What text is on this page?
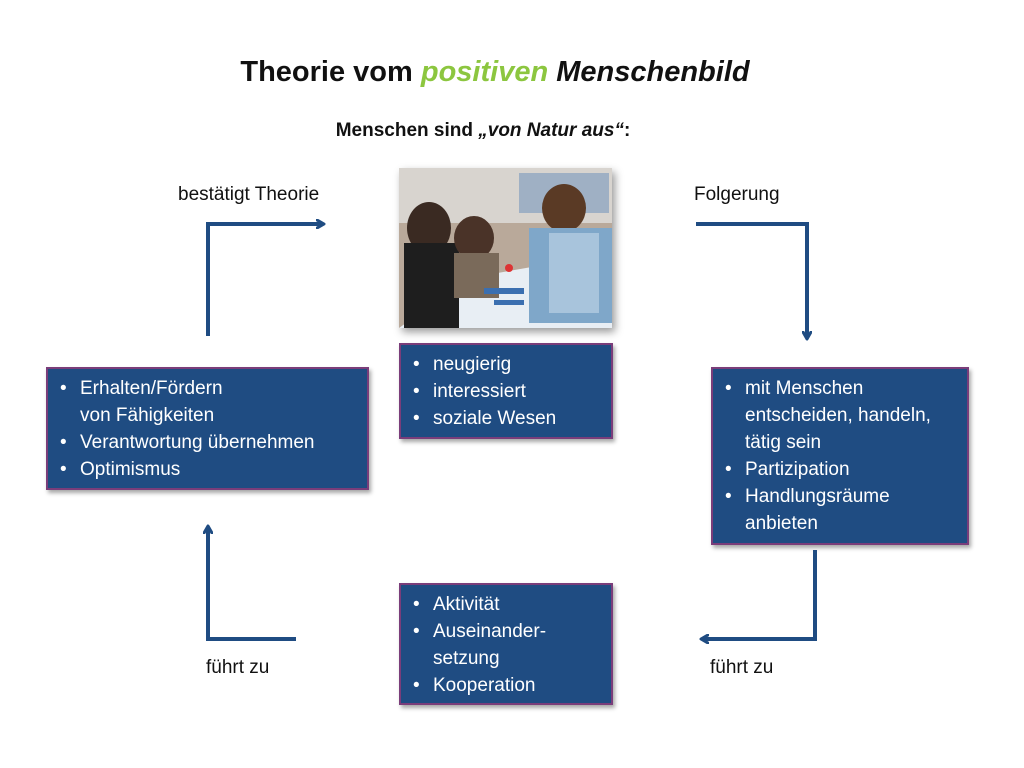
Theorie vom positiven Menschenbild
Menschen sind „von Natur aus“:
bestätigt Theorie	Folgerung
führt zu	führt zu
• neugierig
• interessiert
• soziale Wesen
• Erhalten/Fördern von Fähigkeiten
• Verantwortung übernehmen
• Optimismus
• mit Menschen entscheiden, handeln, tätig sein
• Partizipation
• Handlungsräume anbieten
• Aktivität
• Auseinander-setzung
• Kooperation
